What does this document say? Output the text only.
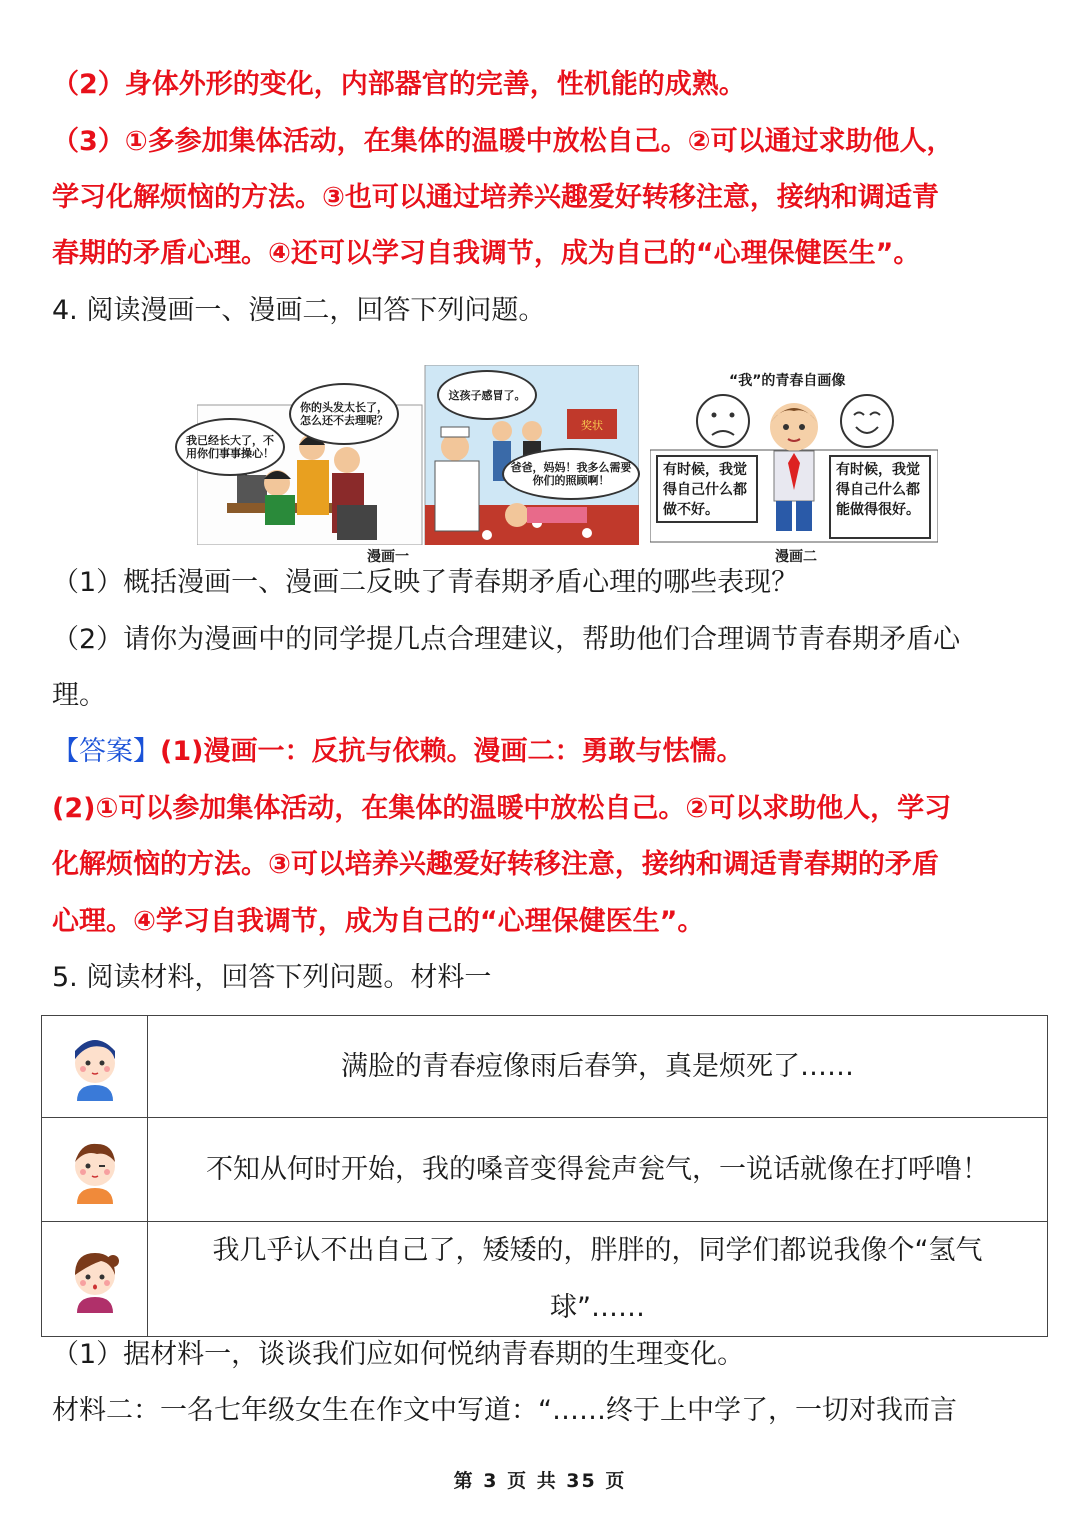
（2）身体外形的变化，内部器官的完善，性机能的成熟。
（3）①多参加集体活动，在集体的温暖中放松自己。②可以通过求助他人，
学习化解烦恼的方法。③也可以通过培养兴趣爱好转移注意，接纳和调适青
春期的矛盾心理。④还可以学习自我调节，成为自己的“心理保健医生”。
4. 阅读漫画一、漫画二，回答下列问题。
奖状
我已经长大了，不用你们事事操心！
你的头发太长了，怎么还不去理呢？
这孩子感冒了。
爸爸，妈妈！我多么需要你们的照顾啊！
漫画一
“我”的青春自画像
有时候，我觉得自己什么都做不好。
有时候，我觉得自己什么都能做得很好。
漫画二
（1）概括漫画一、漫画二反映了青春期矛盾心理的哪些表现？
（2）请你为漫画中的同学提几点合理建议，帮助他们合理调节青春期矛盾心
理。
【答案】(1)漫画一：反抗与依赖。漫画二：勇敢与怯懦。
(2)①可以参加集体活动，在集体的温暖中放松自己。②可以求助他人，学习
化解烦恼的方法。③可以培养兴趣爱好转移注意，接纳和调适青春期的矛盾
心理。④学习自我调节，成为自己的“心理保健医生”。
5. 阅读材料，回答下列问题。材料一
	满脸的青春痘像雨后春笋，真是烦死了……
	不知从何时开始，我的嗓音变得瓮声瓮气，一说话就像在打呼噜！
	我几乎认不出自己了，矮矮的，胖胖的，同学们都说我像个“氢气球”……
（1）据材料一，谈谈我们应如何悦纳青春期的生理变化。
材料二：一名七年级女生在作文中写道：“……终于上中学了，一切对我而言
第 3 页 共 35 页
